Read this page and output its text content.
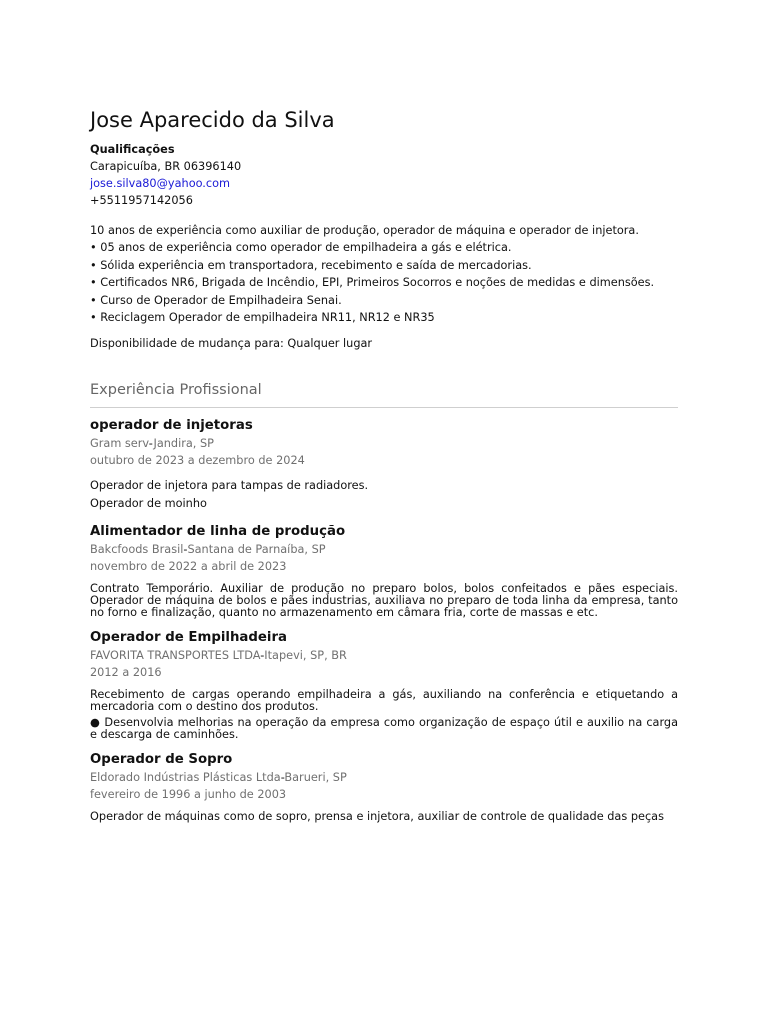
Jose Aparecido da Silva

Qualificações

Carapicuíba, BR 06396140

jose.silva80@yahoo.com

+5511957142056

10 anos de experiência como auxiliar de produção, operador de máquina e operador de injetora.

• 05 anos de experiência como operador de empilhadeira a gás e elétrica.

• Sólida experiência em transportadora, recebimento e saída de mercadorias.

• Certificados NR6, Brigada de Incêndio, EPI, Primeiros Socorros e noções de medidas e dimensões.

• Curso de Operador de Empilhadeira Senai.

• Reciclagem Operador de empilhadeira NR11, NR12 e NR35

Disponibilidade de mudança para: Qualquer lugar

Experiência Profissional
operador de injetoras

Gram serv-Jandira, SP

outubro de 2023 a dezembro de 2024

Operador de injetora para tampas de radiadores.

Operador de moinho

Alimentador de linha de produção

Bakcfoods Brasil-Santana de Parnaíba, SP

novembro de 2022 a abril de 2023

Contrato Temporário. Auxiliar de produção no preparo bolos, bolos confeitados e pães especiais. Operador de máquina de bolos e pães industrias, auxiliava no preparo de toda linha da empresa, tanto no forno e finalização, quanto no armazenamento em câmara fria, corte de massas e etc.

Operador de Empilhadeira

FAVORITA TRANSPORTES LTDA-Itapevi, SP, BR

2012 a 2016

Recebimento de cargas operando empilhadeira a gás, auxiliando na conferência e etiquetando a mercadoria com o destino dos produtos.

● Desenvolvia melhorias na operação da empresa como organização de espaço útil e auxilio na carga e descarga de caminhões.

Operador de Sopro

Eldorado Indústrias Plásticas Ltda-Barueri, SP

fevereiro de 1996 a junho de 2003

Operador de máquinas como de sopro, prensa e injetora, auxiliar de controle de qualidade das peças
